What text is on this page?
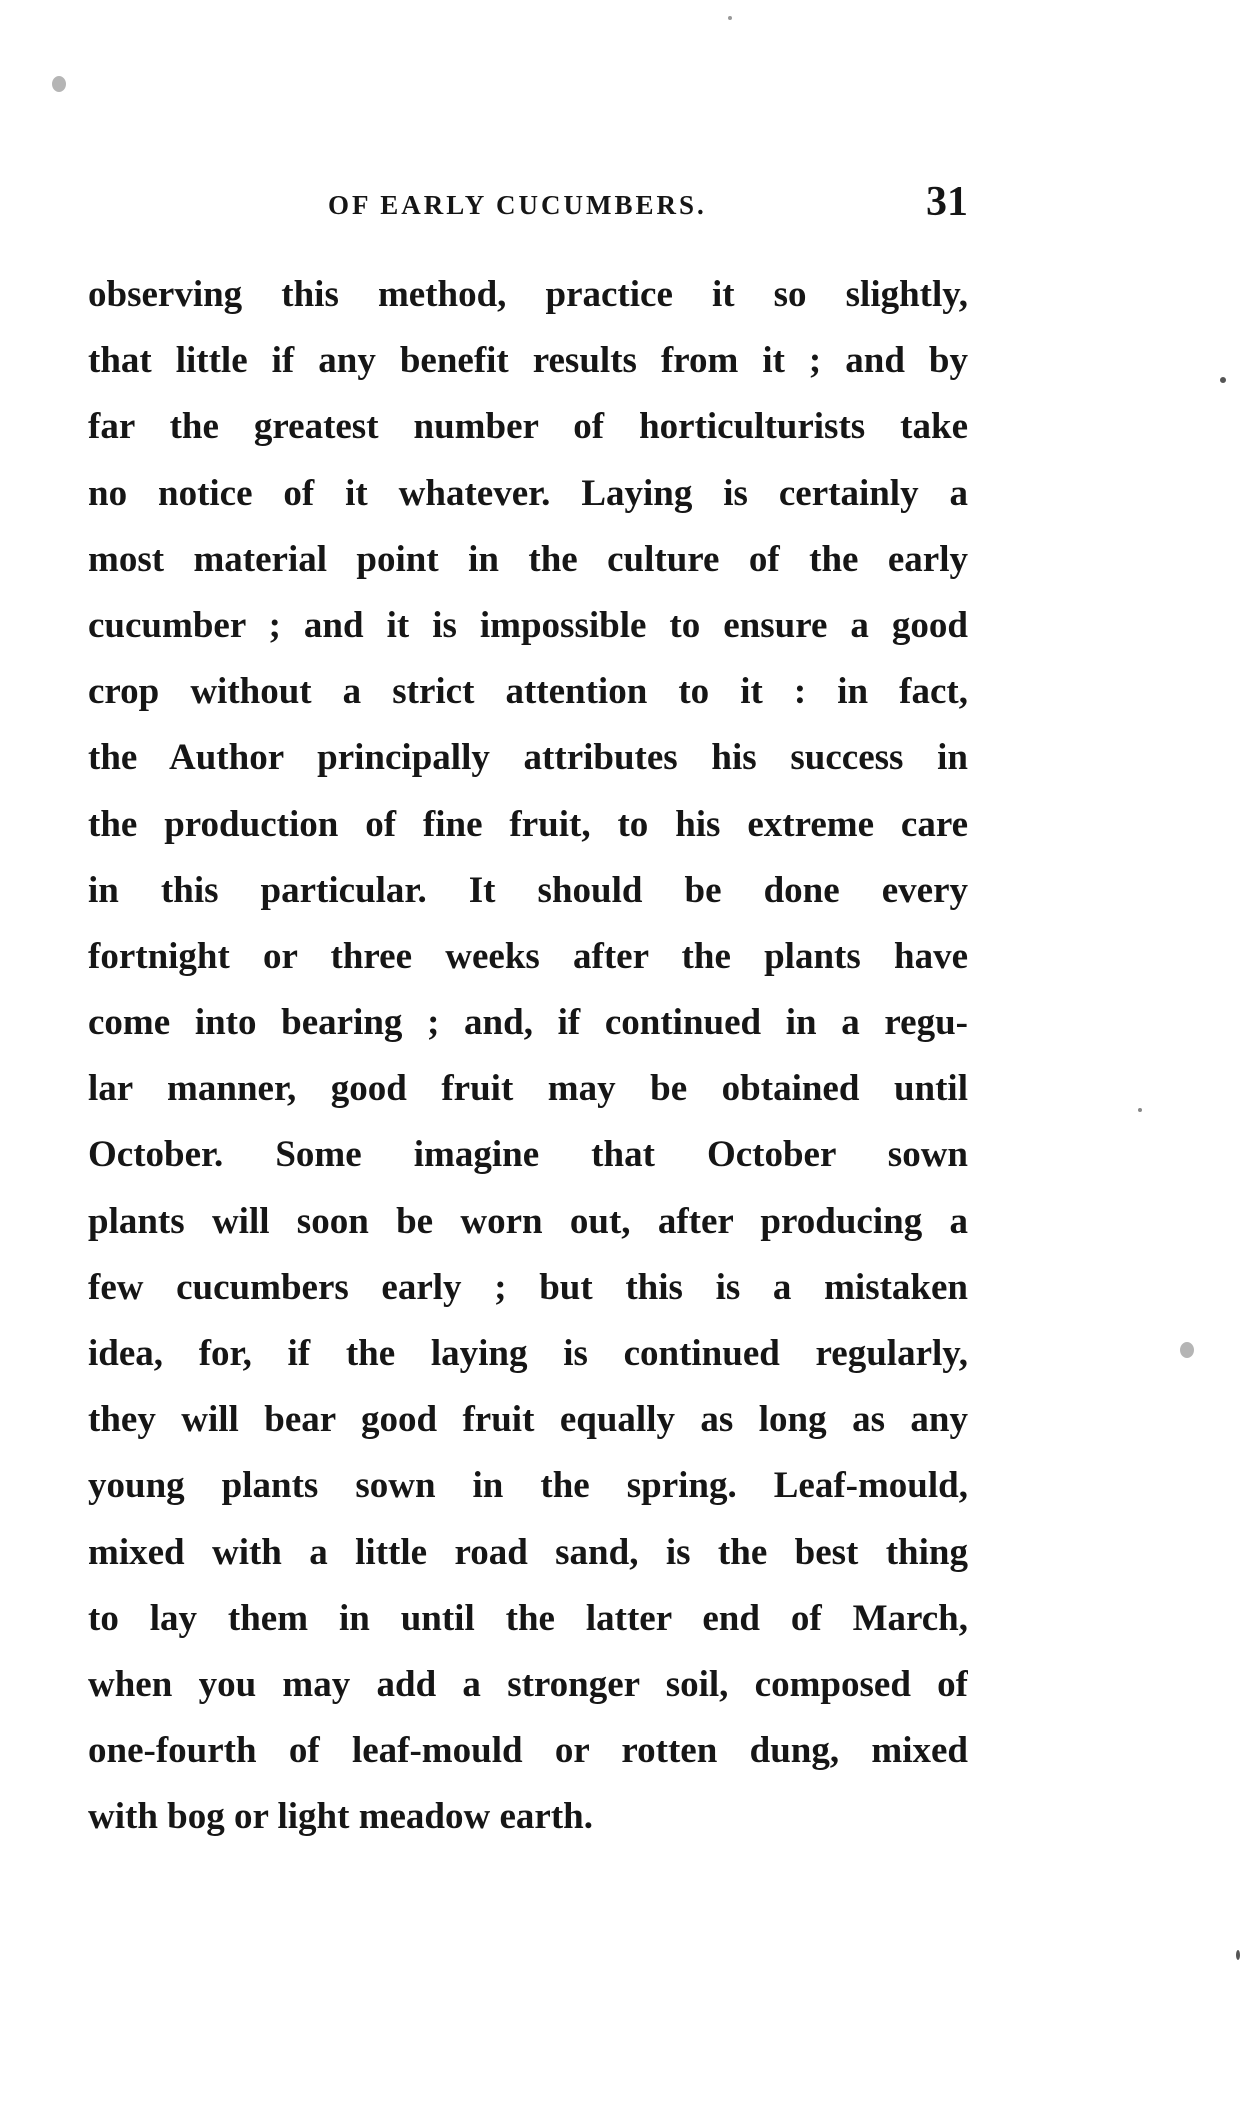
OF EARLY CUCUMBERS.	31
observing this method, practice it so slightly,
that little if any benefit results from it ; and by
far the greatest number of horticulturists take
no notice of it whatever. Laying is certainly a
most material point in the culture of the early
cucumber ; and it is impossible to ensure a good
crop without a strict attention to it : in fact,
the Author principally attributes his success in
the production of fine fruit, to his extreme care
in this particular. It should be done every
fortnight or three weeks after the plants have
come into bearing ; and, if continued in a regu-
lar manner, good fruit may be obtained until
October. Some imagine that October sown
plants will soon be worn out, after producing a
few cucumbers early ; but this is a mistaken
idea, for, if the laying is continued regularly,
they will bear good fruit equally as long as any
young plants sown in the spring. Leaf-mould,
mixed with a little road sand, is the best thing
to lay them in until the latter end of March,
when you may add a stronger soil, composed of
one-fourth of leaf-mould or rotten dung, mixed
with bog or light meadow earth.
